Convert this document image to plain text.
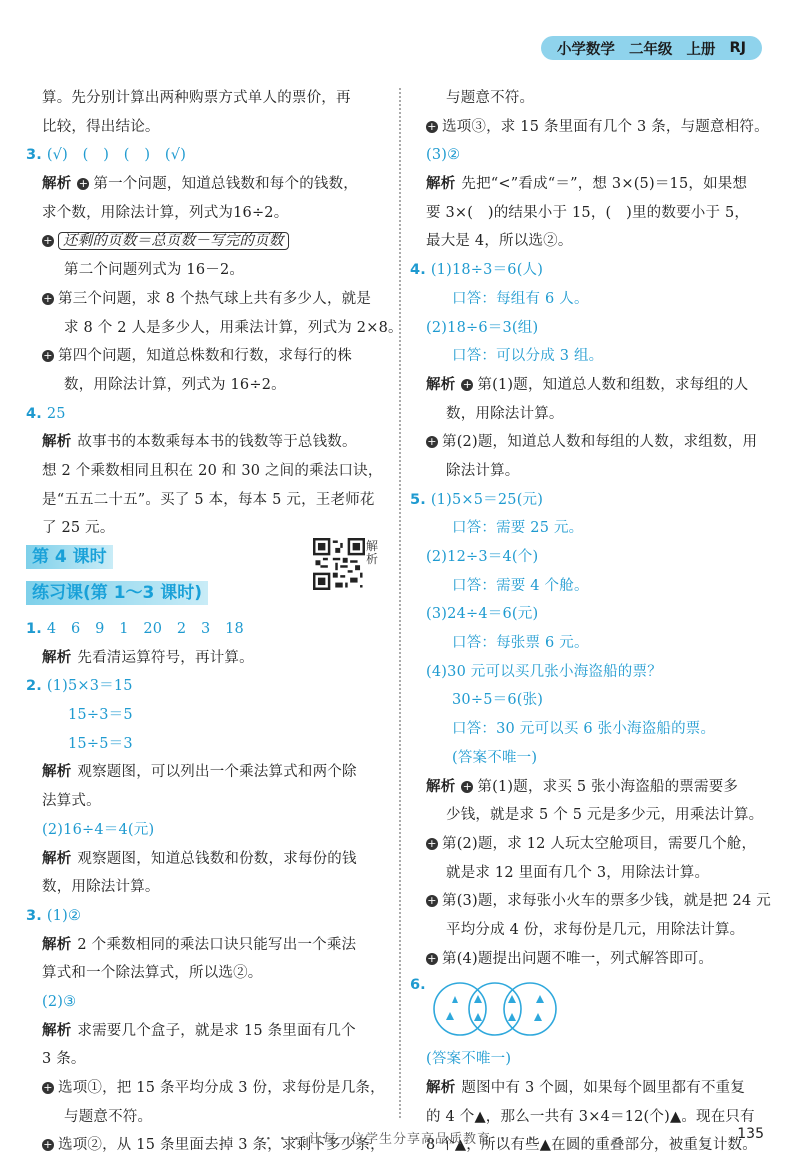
小学数学 二年级 上册 RJ
算。先分别计算出两种购票方式单人的票价，再
比较，得出结论。
3. (√)　(　)　(　)　(√)
解析 + 第一个问题，知道总钱数和每个的钱数，
求个数，用除法计算，列式为16÷2。
+ 还剩的页数＝总页数－写完的页数
第二个问题列式为 16－2。
+ 第三个问题，求 8 个热气球上共有多少人，就是
求 8 个 2 人是多少人，用乘法计算，列式为 2×8。
+ 第四个问题，知道总株数和行数，求每行的株
数，用除法计算，列式为 16÷2。
4. 25
解析 故事书的本数乘每本书的钱数等于总钱数。
想 2 个乘数相同且积在 20 和 30 之间的乘法口诀，
是“五五二十五”。买了 5 本，每本 5 元，王老师花
了 25 元。
第 4 课时
练习课(第 1～3 课时)
1. 4　6　9　1　20　2　3　18
解析 先看清运算符号，再计算。
2. (1)5×3＝15
15÷3＝5
15÷5＝3
解析 观察题图，可以列出一个乘法算式和两个除
法算式。
(2)16÷4＝4(元)
解析 观察题图，知道总钱数和份数，求每份的钱
数，用除法计算。
3. (1)②
解析 2 个乘数相同的乘法口诀只能写出一个乘法
算式和一个除法算式，所以选②。
(2)③
解析 求需要几个盒子，就是求 15 条里面有几个
3 条。
+ 选项①，把 15 条平均分成 3 份，求每份是几条，
与题意不符。
+ 选项②，从 15 条里面去掉 3 条，求剩下多少条，
解析
与题意不符。
+ 选项③，求 15 条里面有几个 3 条，与题意相符。
(3)②
解析 先把“<”看成“＝”，想 3×(5)＝15，如果想
要 3×(　)的结果小于 15，(　)里的数要小于 5，
最大是 4，所以选②。
4. (1)18÷3＝6(人)
口答：每组有 6 人。
(2)18÷6＝3(组)
口答：可以分成 3 组。
解析 + 第(1)题，知道总人数和组数，求每组的人
数，用除法计算。
+ 第(2)题，知道总人数和每组的人数，求组数，用
除法计算。
5. (1)5×5＝25(元)
口答：需要 25 元。
(2)12÷3＝4(个)
口答：需要 4 个舱。
(3)24÷4＝6(元)
口答：每张票 6 元。
(4)30 元可以买几张小海盗船的票？
30÷5＝6(张)
口答：30 元可以买 6 张小海盗船的票。
(答案不唯一)
解析 + 第(1)题，求买 5 张小海盗船的票需要多
少钱，就是求 5 个 5 元是多少元，用乘法计算。
+ 第(2)题，求 12 人玩太空舱项目，需要几个舱，
就是求 12 里面有几个 3，用除法计算。
+ 第(3)题，求每张小火车的票多少钱，就是把 24 元
平均分成 4 份，求每份是几元，用除法计算。
+ 第(4)题提出问题不唯一，列式解答即可。
6.
(答案不唯一)
解析 题图中有 3 个圆，如果每个圆里都有不重复
的 4 个▲，那么一共有 3×4＝12(个)▲。现在只有
8 个▲，所以有些▲在圆的重叠部分，被重复计数。
・・・ 让每一位学生分享高品质教育 ・・・	135
